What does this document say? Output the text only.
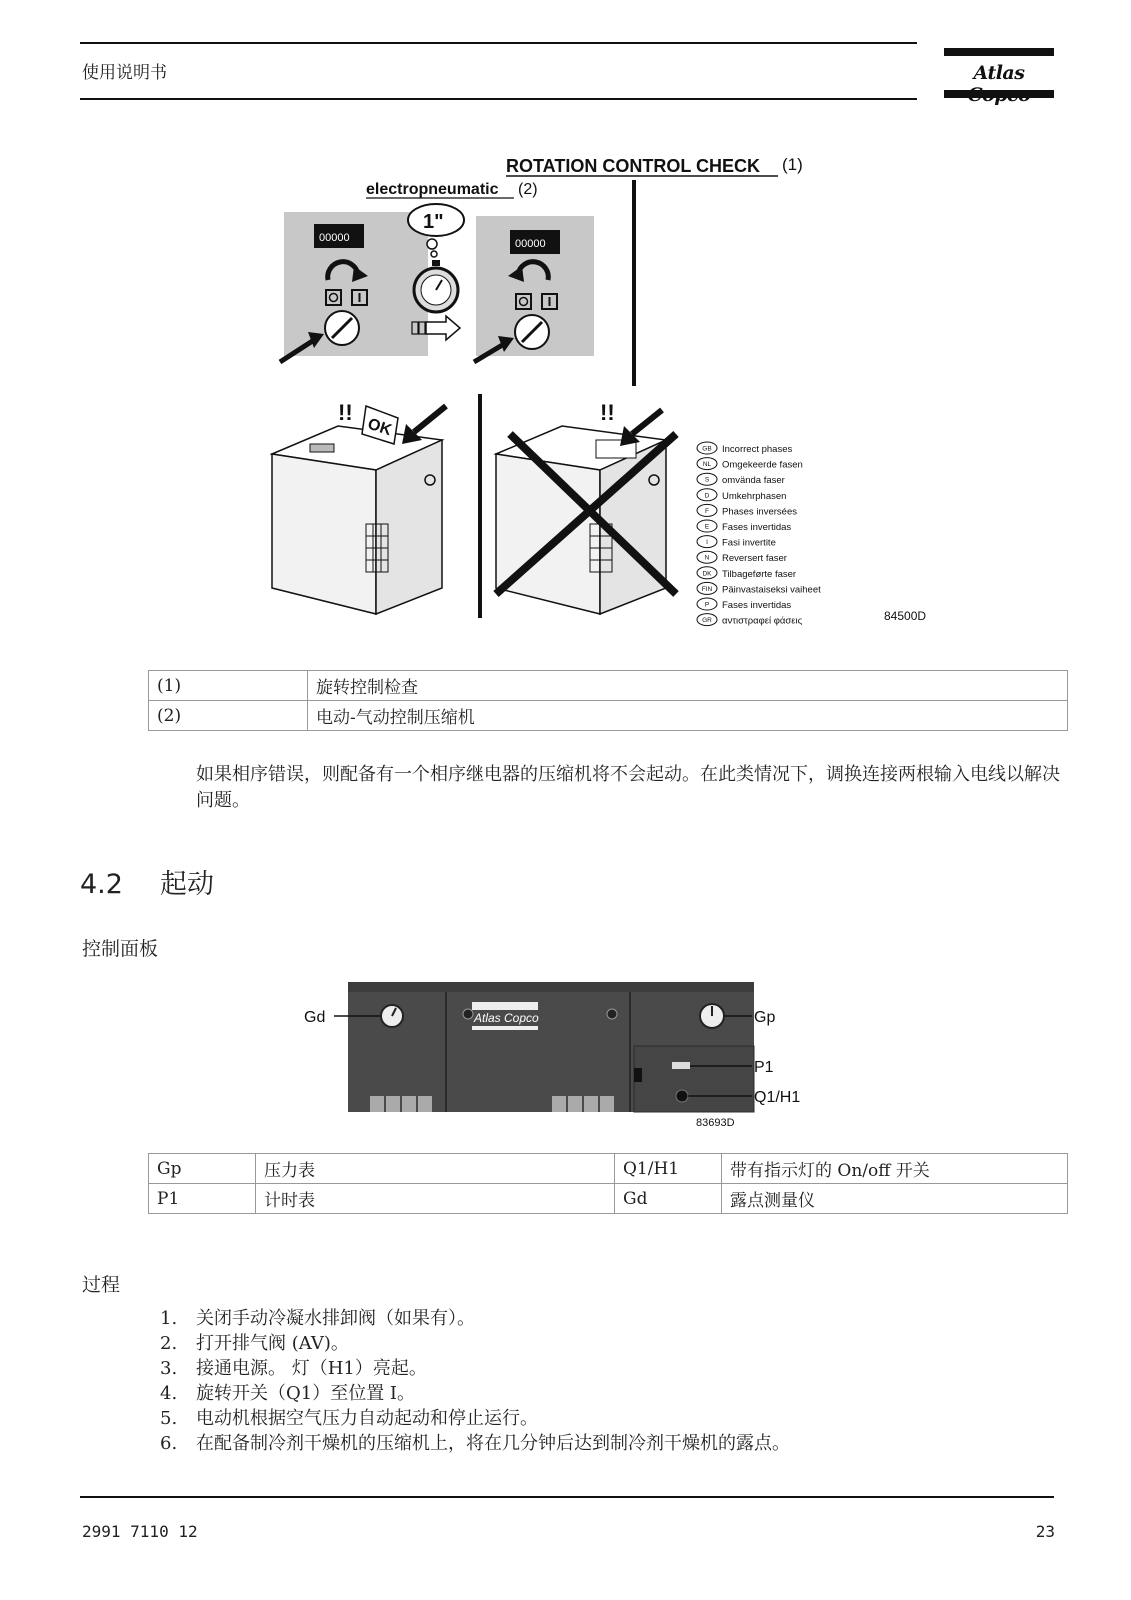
使用说明书	Atlas
ROTATION CONTROL CHECK (1)
electropneumatic (2)
00000
1"
00000
!!
OK
!!
GB Incorrect phases
NL Omgekeerde fasen
S omvända faser
D Umkehrphasen
F Phases inversées
E Fases invertidas
I Fasi invertite
N Reversert faser
DK Tilbageførte faser
FIN Päinvastaiseksi vaiheet
P Fases invertidas
GR αντιστραφεί φάσεις	84500D
(1)	旋转控制检查
(2)	电动-气动控制压缩机
如果相序错误，则配备有一个相序继电器的压缩机将不会起动。在此类情况下，调换连接两根输入电线以解决问题。
4.2 起动
控制面板
Atlas Copco
Gd	Gp
P1
Q1/H1
83693D
Gp	压力表	Q1/H1	带有指示灯的 On/off 开关
P1	计时表	Gd	露点测量仪
过程
1.	关闭手动冷凝水排卸阀（如果有）。
2.	打开排气阀 (AV)。
3.	接通电源。 灯（H1）亮起。
4.	旋转开关（Q1）至位置 I。
5.	电动机根据空气压力自动起动和停止运行。
6.	在配备制冷剂干燥机的压缩机上，将在几分钟后达到制冷剂干燥机的露点。
2991 7110 12	23
